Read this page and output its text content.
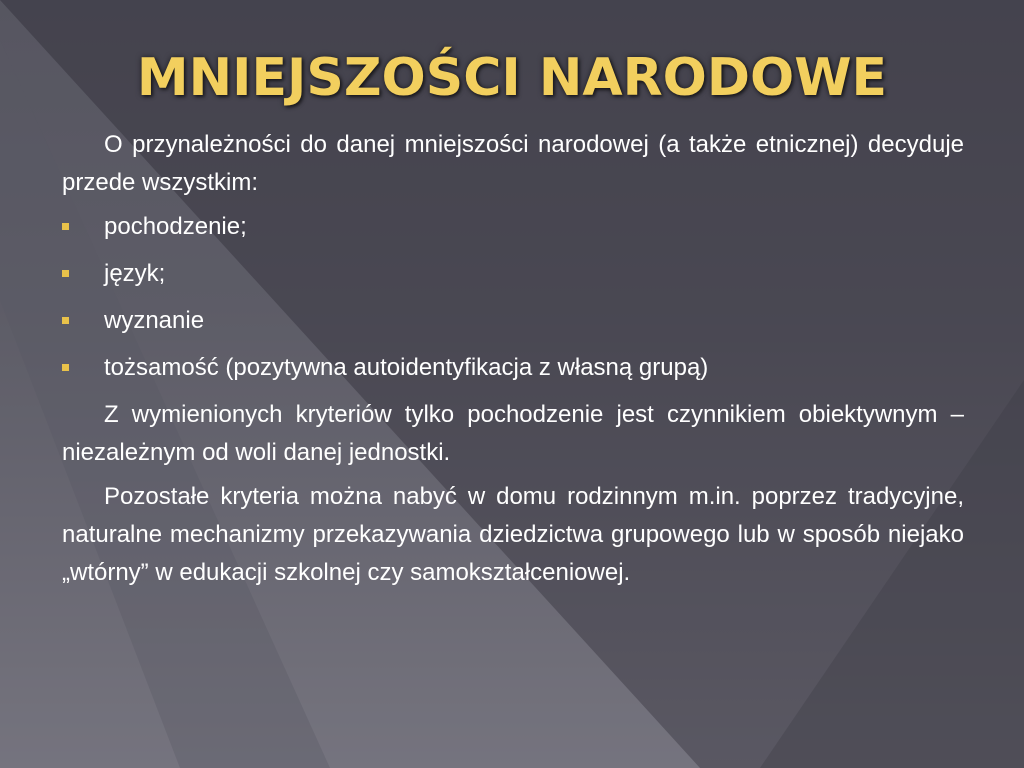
MNIEJSZOŚCI NARODOWE

O przynależności do danej mniejszości narodowej (a także etnicznej) decyduje przede wszystkim:

pochodzenie;
język;
wyznanie
tożsamość (pozytywna autoidentyfikacja z własną grupą)

Z wymienionych kryteriów tylko pochodzenie jest czynnikiem obiektywnym – niezależnym od woli danej jednostki.

Pozostałe kryteria można nabyć w domu rodzinnym m.in. poprzez tradycyjne, naturalne mechanizmy przekazywania dziedzictwa grupowego lub w sposób niejako „wtórny” w edukacji szkolnej czy samokształceniowej.
